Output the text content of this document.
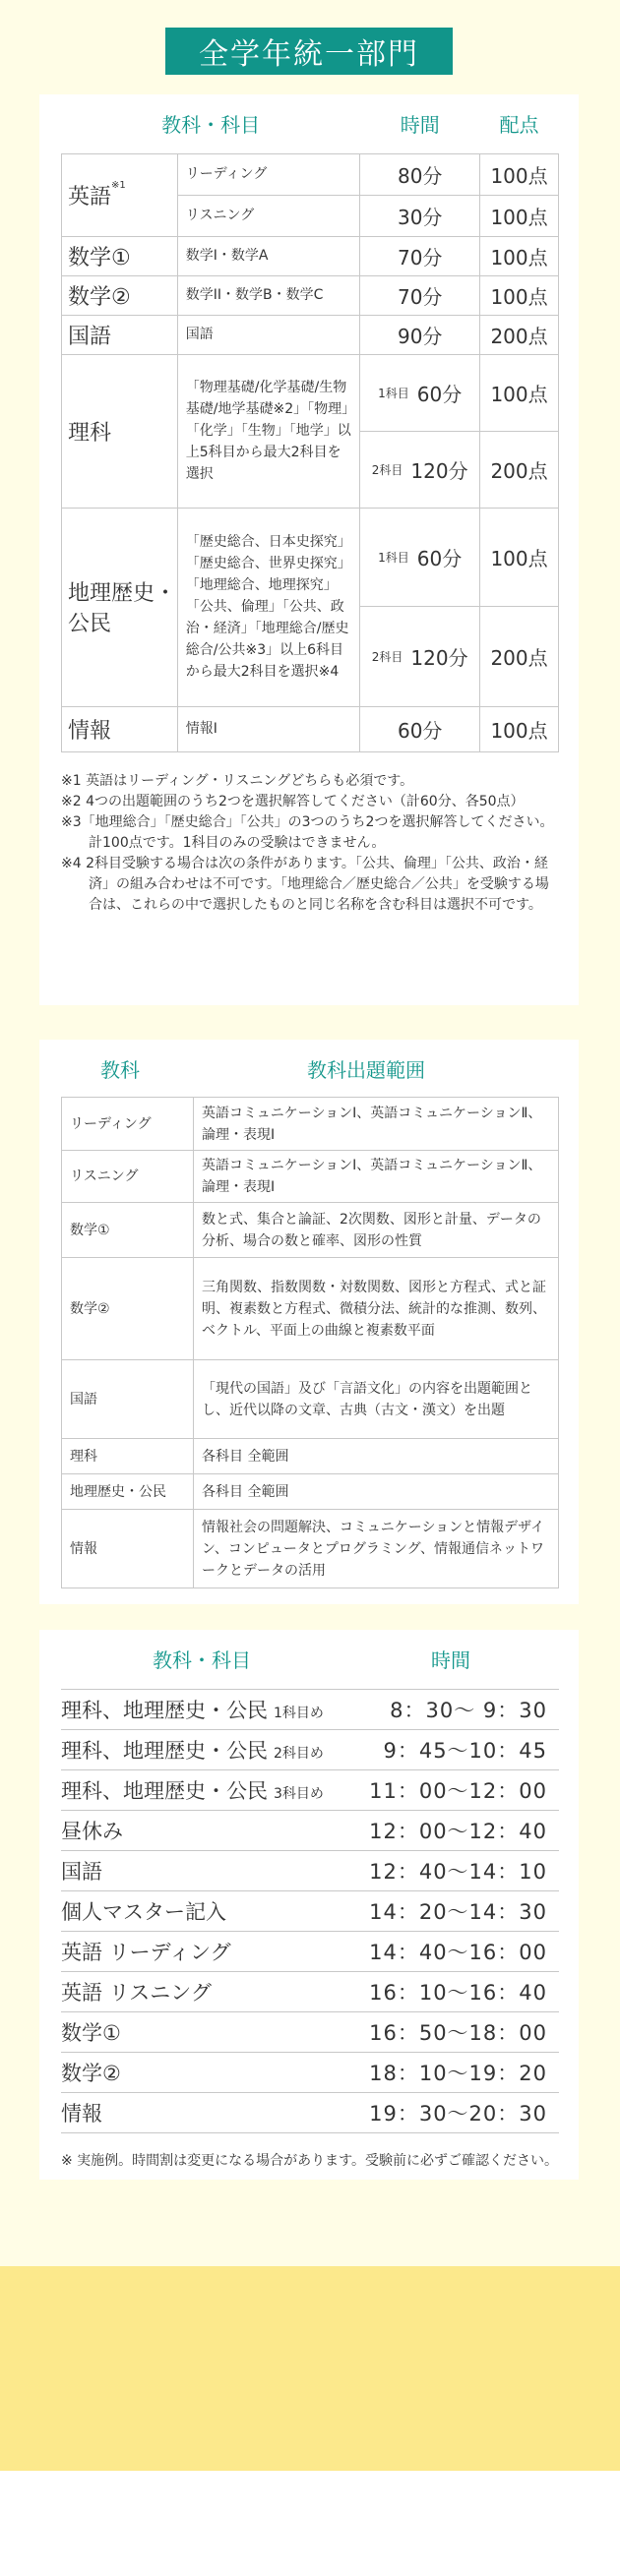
全学年統一部門
教科・科目		時間	配点
英語$^{※1}$	リーディング	80分	100点
	リスニング	30分	100点
数学①	数学I・数学A	70分	100点
数学②	数学II・数学B・数学C	70分	100点
国語	国語	90分	200点
理科	「物理基礎/化学基礎/生物基礎/地学基礎※2」「物理」「化学」「生物」「地学」以上5科目から最大2科目を選択	1科目 60分	100点

		2科目 120分	200点
地理歴史・公民	「歴史総合、日本史探究」「歴史総合、世界史探究」「地理総合、地理探究」「公共、倫理」「公共、政治・経済」「地理総合/歴史総合/公共※3」以上6科目から最大2科目を選択※4	1科目 60分	100点

		2科目 120分	200点
情報	情報I	60分	100点

※1 英語はリーディング・リスニングどちらも必須です。

※2 4つの出題範囲のうち2つを選択解答してください（計60分、各50点）

※3「地理総合」「歴史総合」「公共」の3つのうち2つを選択解答してください。計100点です。1科目のみの受験はできません。

※4 2科目受験する場合は次の条件があります。「公共、倫理」「公共、政治・経済」の組み合わせは不可です。「地理総合／歴史総合／公共」を受験する場合は、これらの中で選択したものと同じ名称を含む科目は選択不可です。

教科	教科出題範囲
リーディング	英語コミュニケーションⅠ、英語コミュニケーションⅡ、論理・表現Ⅰ
リスニング	英語コミュニケーションⅠ、英語コミュニケーションⅡ、論理・表現Ⅰ
数学①	数と式、集合と論証、2次関数、図形と計量、データの分析、場合の数と確率、図形の性質
数学②	三角関数、指数関数・対数関数、図形と方程式、式と証明、複素数と方程式、微積分法、統計的な推測、数列、ベクトル、平面上の曲線と複素数平面
国語	「現代の国語」及び「言語文化」の内容を出題範囲とし、近代以降の文章、古典（古文・漢文）を出題
理科	各科目 全範囲
地理歴史・公民	各科目 全範囲
情報	情報社会の問題解決、コミュニケーションと情報デザイン、コンピュータとプログラミング、情報通信ネットワークとデータの活用
教科・科目	時間
理科、地理歴史・公民 1科目め	8：30～ 9：30
理科、地理歴史・公民 2科目め	9：45～10：45
理科、地理歴史・公民 3科目め	11：00～12：00
昼休み	12：00～12：40
国語	12：40～14：10
個人マスター記入	14：20～14：30
英語 リーディング	14：40～16：00
英語 リスニング	16：10～16：40
数学①	16：50～18：00
数学②	18：10～19：20
情報	19：30～20：30

※ 実施例。時間割は変更になる場合があります。受験前に必ずご確認ください。
